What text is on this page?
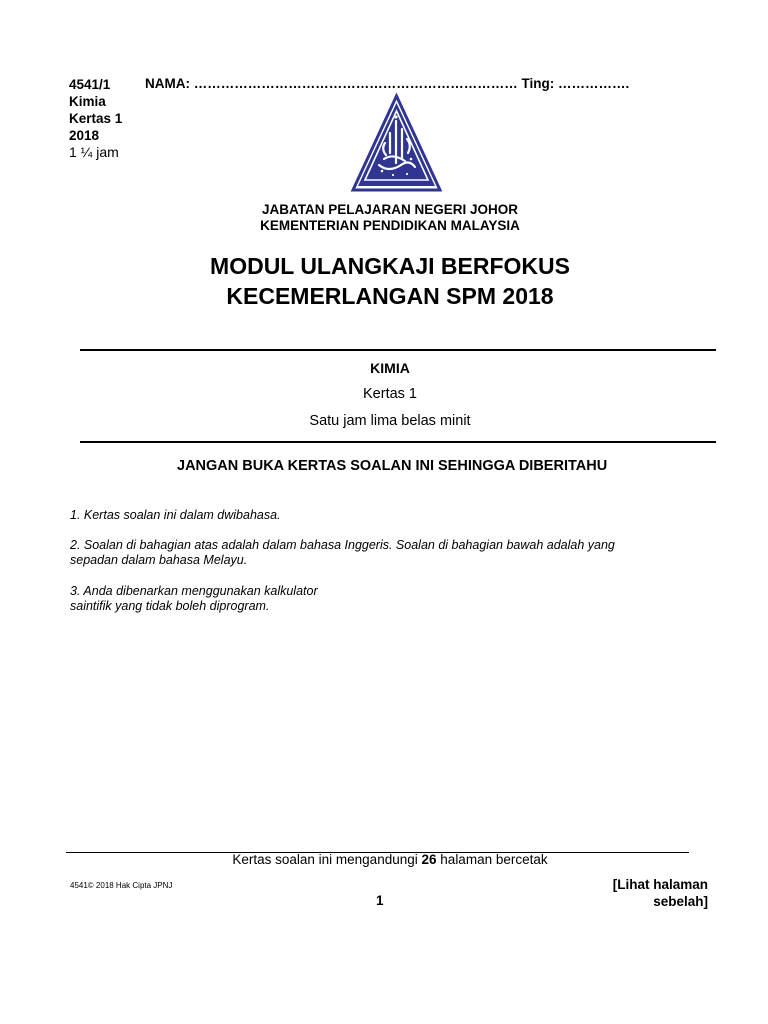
4541/1
Kimia
Kertas 1
2018
1 ¼ jam
NAMA: ……………………………………………………………… Ting: …………….
JABATAN PELAJARAN NEGERI JOHOR
KEMENTERIAN PENDIDIKAN MALAYSIA
MODUL ULANGKAJI BERFOKUS
KECEMERLANGAN SPM 2018
KIMIA
Kertas 1
Satu jam lima belas minit
JANGAN BUKA KERTAS SOALAN INI SEHINGGA DIBERITAHU
1. Kertas soalan ini dalam dwibahasa.
2. Soalan di bahagian atas adalah dalam bahasa Inggeris. Soalan di bahagian bawah adalah yang
sepadan dalam bahasa Melayu.
3. Anda dibenarkan menggunakan kalkulator
saintifik yang tidak boleh diprogram.
Kertas soalan ini mengandungi 26 halaman bercetak
4541© 2018 Hak Cipta JPNJ
1
[Lihat halaman
sebelah]
